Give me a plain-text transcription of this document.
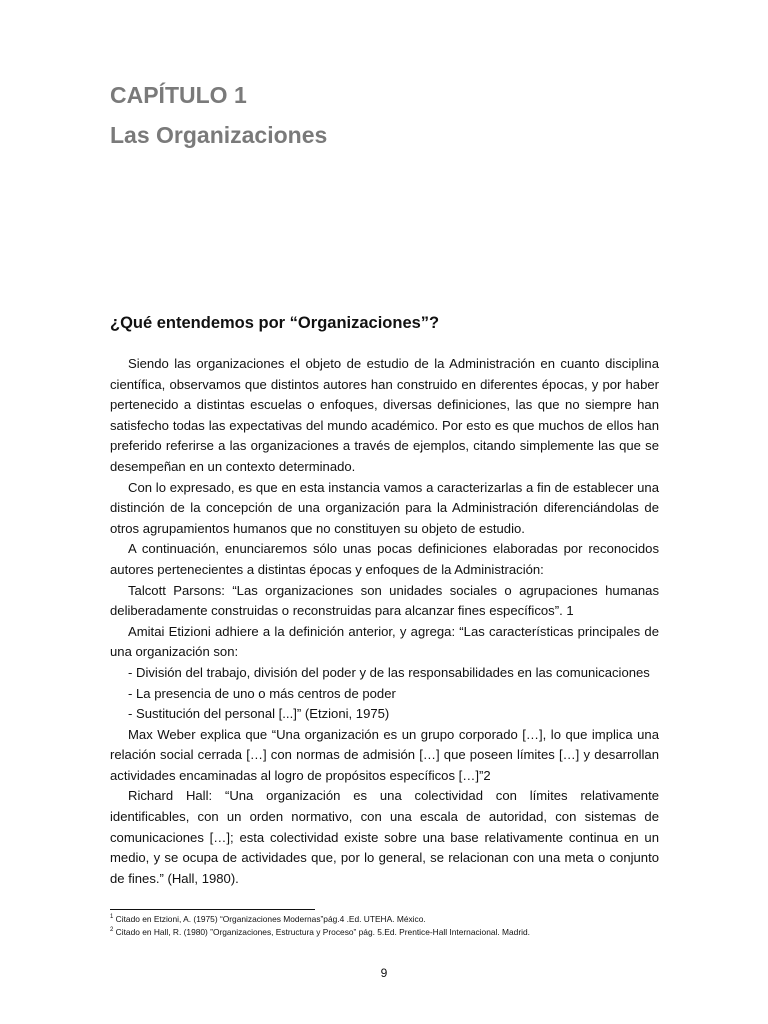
CAPÍTULO 1
Las Organizaciones
¿Qué entendemos por “Organizaciones”?

Siendo las organizaciones el objeto de estudio de la Administración en cuanto disciplina científica, observamos que distintos autores han construido en diferentes épocas, y por haber pertenecido a distintas escuelas o enfoques, diversas definiciones, las que no siempre han satisfecho todas las expectativas del mundo académico. Por esto es que muchos de ellos han preferido referirse a las organizaciones a través de ejemplos, citando simplemente las que se desempeñan en un contexto determinado.

Con lo expresado, es que en esta instancia vamos a caracterizarlas a fin de establecer una distinción de la concepción de una organización para la Administración diferenciándolas de otros agrupamientos humanos que no constituyen su objeto de estudio.

A continuación, enunciaremos sólo unas pocas definiciones elaboradas por reconocidos autores pertenecientes a distintas épocas y enfoques de la Administración:

Talcott Parsons: “Las organizaciones son unidades sociales o agrupaciones humanas deliberadamente construidas o reconstruidas para alcanzar fines específicos”. 1

Amitai Etizioni adhiere a la definición anterior, y agrega: “Las características principales de una organización son:

- División del trabajo, división del poder y de las responsabilidades en las comunicaciones

- La presencia de uno o más centros de poder

- Sustitución del personal [...]” (Etzioni, 1975)

Max Weber explica que “Una organización es un grupo corporado […], lo que implica una relación social cerrada […] con normas de admisión […] que poseen límites […] y desarrollan actividades encaminadas al logro de propósitos específicos […]”2

Richard Hall: “Una organización es una colectividad con límites relativamente identificables, con un orden normativo, con una escala de autoridad, con sistemas de comunicaciones […]; esta colectividad existe sobre una base relativamente continua en un medio, y se ocupa de actividades que, por lo general, se relacionan con una meta o conjunto de fines.” (Hall, 1980).

$^1$ Citado en Etzioni, A. (1975) “Organizaciones Modernas”pág.4 .Ed. UTEHA. México.

$^2$ Citado en Hall, R. (1980) ”Organizaciones, Estructura y Proceso” pág. 5.Ed. Prentice-Hall Internacional. Madrid.

9
